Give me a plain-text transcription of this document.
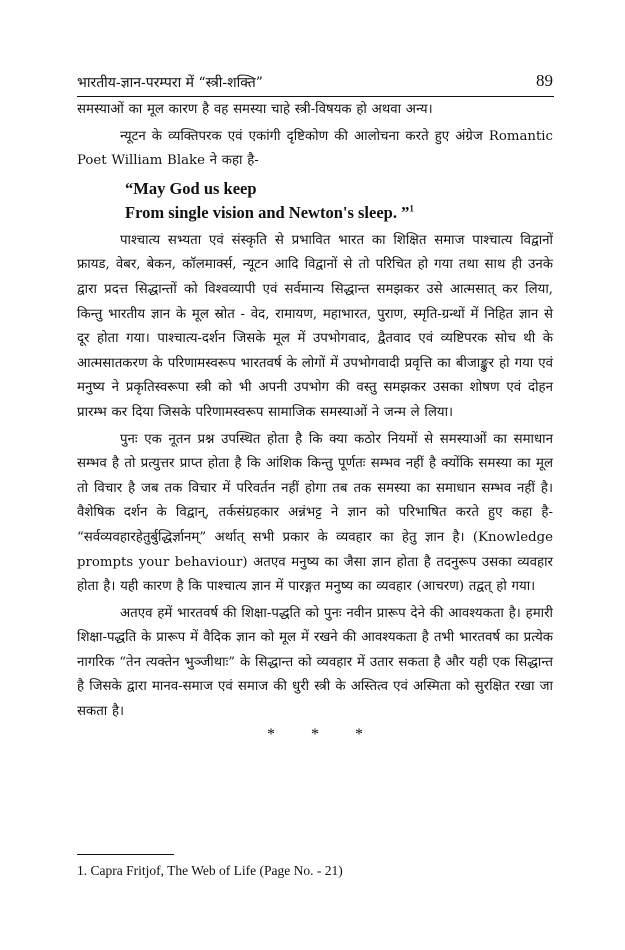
भारतीय-ज्ञान-परम्परा में “स्त्री-शक्ति”	89

समस्याओं का मूल कारण है वह समस्या चाहे स्त्री-विषयक हो अथवा अन्य।

न्यूटन के व्यक्तिपरक एवं एकांगी दृष्टिकोण की आलोचना करते हुए अंग्रेज Romantic Poet William Blake ने कहा है-

“May God us keep
From single vision and Newton's sleep. ”$^1$

पाश्चात्य सभ्यता एवं संस्कृति से प्रभावित भारत का शिक्षित समाज पाश्चात्य विद्वानों फ्रायड, वेबर, बेकन, कॉलमार्क्स, न्यूटन आदि विद्वानों से तो परिचित हो गया तथा साथ ही उनके द्वारा प्रदत्त सिद्धान्तों को विश्वव्यापी एवं सर्वमान्य सिद्धान्त समझकर उसे आत्मसात् कर लिया, किन्तु भारतीय ज्ञान के मूल स्रोत - वेद, रामायण, महाभारत, पुराण, स्मृति-ग्रन्थों में निहित ज्ञान से दूर होता गया। पाश्चात्य-दर्शन जिसके मूल में उपभोगवाद, द्वैतवाद एवं व्यष्टिपरक सोच थी के आत्मसातकरण के परिणामस्वरूप भारतवर्ष के लोगों में उपभोगवादी प्रवृत्ति का बीजाङ्कुर हो गया एवं मनुष्य ने प्रकृतिस्वरूपा स्त्री को भी अपनी उपभोग की वस्तु समझकर उसका शोषण एवं दोहन प्रारम्भ कर दिया जिसके परिणामस्वरूप सामाजिक समस्याओं ने जन्म ले लिया।

पुनः एक नूतन प्रश्न उपस्थित होता है कि क्या कठोर नियमों से समस्याओं का समाधान सम्भव है तो प्रत्युत्तर प्राप्त होता है कि आंशिक किन्तु पूर्णतः सम्भव नहीं है क्योंकि समस्या का मूल तो विचार है जब तक विचार में परिवर्तन नहीं होगा तब तक समस्या का समाधान सम्भव नहीं है। वैशेषिक दर्शन के विद्वान्, तर्कसंग्रहकार अन्नंभट्ट ने ज्ञान को परिभाषित करते हुए कहा है- “सर्वव्यवहारहेतुर्बुद्धिर्ज्ञानम्” अर्थात् सभी प्रकार के व्यवहार का हेतु ज्ञान है। (Knowledge prompts your behaviour) अतएव मनुष्य का जैसा ज्ञान होता है तदनुरूप उसका व्यवहार होता है। यही कारण है कि पाश्चात्य ज्ञान में पारङ्गत मनुष्य का व्यवहार (आचरण) तद्वत् हो गया।

अतएव हमें भारतवर्ष की शिक्षा-पद्धति को पुनः नवीन प्रारूप देने की आवश्यकता है। हमारी शिक्षा-पद्धति के प्रारूप में वैदिक ज्ञान को मूल में रखने की आवश्यकता है तभी भारतवर्ष का प्रत्येक नागरिक “तेन त्यक्तेन भुञ्जीथाः” के सिद्धान्त को व्यवहार में उतार सकता है और यही एक सिद्धान्त है जिसके द्वारा मानव-समाज एवं समाज की धुरी स्त्री के अस्तित्व एवं अस्मिता को सुरक्षित रखा जा सकता है।

* * *
1. Capra Fritjof, The Web of Life (Page No. - 21)
